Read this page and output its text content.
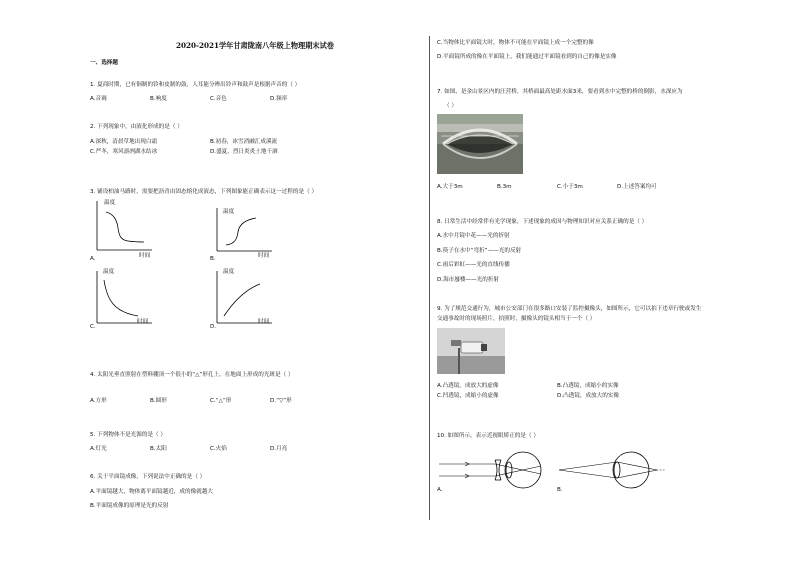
2020-2021学年甘肃陇南八年级上物理期末试卷
一、选择题
1. 夏商时期，已有铜制的铃和皮制的鼓，人耳能分辨出铃声和鼓声是根据声音的（ ）
A.音调	B.响度	C.音色	D.频率
2. 下列现象中，由液化形成的是（ ）
A.深秋，清晨草地出现白霜	B.初春，冰雪消融汇成溪流
C.严冬，寒风凛冽湖水结冰	D.盛夏，烈日炎炎土地干涸
3. 铺设柏油马路时，需要把沥青由固态熔化成液态，下列图象能正确表示这一过程的是（ ）
温度
时间
A.
温度
时间
B.
温度
时间
C.
温度
时间
D.
4. 太阳光垂直照射在塑料棚顶一个很小的“△”形孔上，在地面上形成的光斑是（ ）
A.方形	B.圆形	C.“△”形	D.“▽”形
5. 下列物体不是光源的是（ ）
A.灯光	B.太阳	C.火焰	D.月亮
6. 关于平面镜成像，下列说法中正确的是（ ）
A.平面镜越大，物体离平面镜越近，成的像就越大
B.平面镜成像的原理是光的反射
C.当物体比平面镜大时，物体不可能在平面镜上成一个完整的像
D.平面镜所成的像在平面镜上，我们能通过平面镜看到的自己的像是实像
7. 如图，是金山景区内的汪营桥，其桥面最高处距水面3米，要看到水中完整的桥的倒影，水深应为
（ ）
A.大于3m	B.3m	C.小于3m	D.上述答案均可
8. 日常生活中经常伴有光学现象，下述现象的成因与物理知识对应关系正确的是（ ）
A.水中月镜中花——光的折射
B.筷子在水中“弯折”——光的反射
C.雨后彩虹——光的直线传播
D.海市蜃楼——光的折射
9. 为了规范交通行为，城市公安部门在很多路口安装了监控摄像头，如图所示，它可以拍下违章行驶或发生
交通事故时的现场照片，拍照时，摄像头的镜头相当于一个（ ）
A.凸透镜，成放大的虚像	B.凸透镜，成缩小的实像
C.凹透镜，成缩小的虚像	D.凸透镜，成放大的实像
10. 如图所示，表示近视眼矫正的是（ ）
A.	B.
